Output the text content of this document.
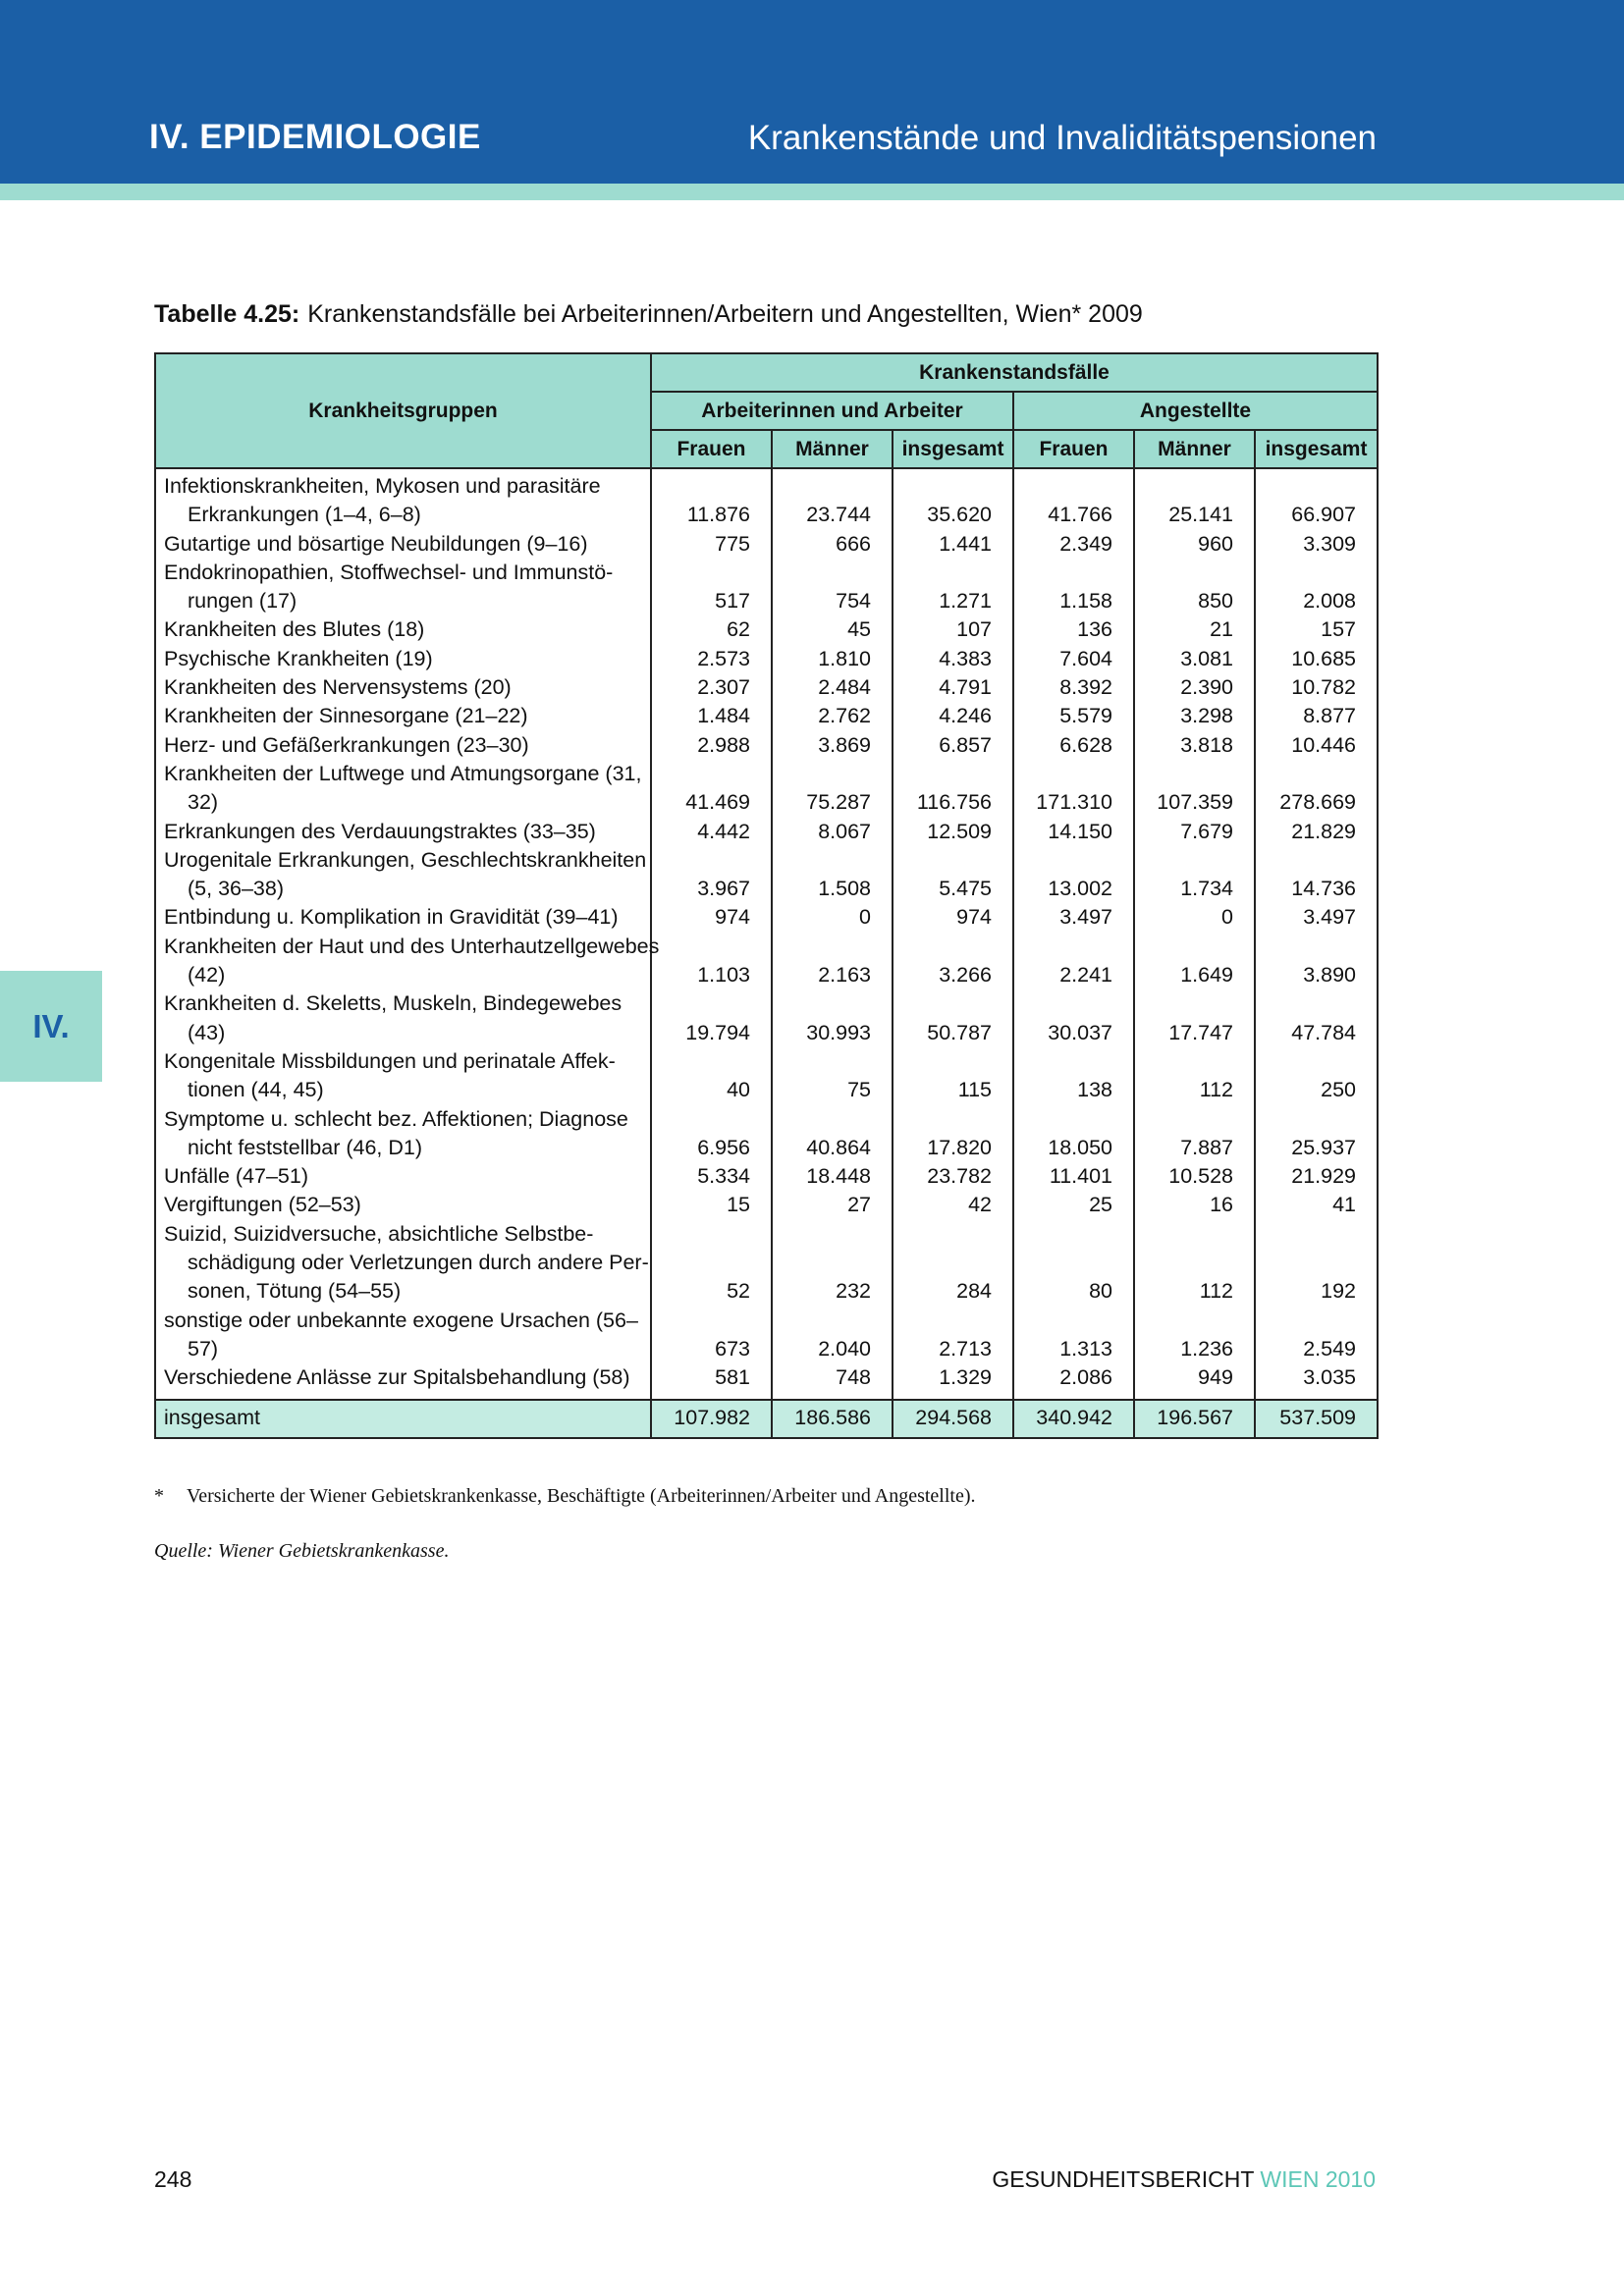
IV. EPIDEMIOLOGIE	Krankenstände und Invaliditätspensionen
IV.
Tabelle 4.25: Krankenstandsfälle bei Arbeiterinnen/Arbeitern und Angestellten, Wien* 2009
Krankheitsgruppen	Krankenstandsfälle					
	Arbeiterinnen und Arbeiter			Angestellte		
	Frauen	Männer	insgesamt	Frauen	Männer	insgesamt

Infektionskrankheiten, Mykosen und parasitäre
Erkrankungen (1–4, 6–8)	11.876	23.744	35.620	41.766	25.141	66.907

Gutartige und bösartige Neubildungen (9–16)	775	666	1.441	2.349	960	3.309

Endokrinopathien, Stoffwechsel- und Immunstö-
rungen (17)	517	754	1.271	1.158	850	2.008

Krankheiten des Blutes (18)	62	45	107	136	21	157

Psychische Krankheiten (19)	2.573	1.810	4.383	7.604	3.081	10.685

Krankheiten des Nervensystems (20)	2.307	2.484	4.791	8.392	2.390	10.782

Krankheiten der Sinnesorgane (21–22)	1.484	2.762	4.246	5.579	3.298	8.877

Herz- und Gefäßerkrankungen (23–30)	2.988	3.869	6.857	6.628	3.818	10.446

Krankheiten der Luftwege und Atmungsorgane (31,
32)	41.469	75.287	116.756	171.310	107.359	278.669

Erkrankungen des Verdauungstraktes (33–35)	4.442	8.067	12.509	14.150	7.679	21.829

Urogenitale Erkrankungen, Geschlechtskrankheiten
(5, 36–38)	3.967	1.508	5.475	13.002	1.734	14.736

Entbindung u. Komplikation in Gravidität (39–41)	974	0	974	3.497	0	3.497

Krankheiten der Haut und des Unterhautzellgewebes
(42)	1.103	2.163	3.266	2.241	1.649	3.890

Krankheiten d. Skeletts, Muskeln, Bindegewebes
(43)	19.794	30.993	50.787	30.037	17.747	47.784

Kongenitale Missbildungen und perinatale Affek-
tionen (44, 45)	40	75	115	138	112	250

Symptome u. schlecht bez. Affektionen; Diagnose
nicht feststellbar (46, D1)	6.956	40.864	17.820	18.050	7.887	25.937

Unfälle (47–51)	5.334	18.448	23.782	11.401	10.528	21.929

Vergiftungen (52–53)	15	27	42	25	16	41

Suizid, Suizidversuche, absichtliche Selbstbe-
schädigung oder Verletzungen durch andere Per-
sonen, Tötung (54–55)	52	232	284	80	112	192

sonstige oder unbekannte exogene Ursachen (56–
57)	673	2.040	2.713	1.313	1.236	2.549

Verschiedene Anlässe zur Spitalsbehandlung (58)	581	748	1.329	2.086	949	3.035
insgesamt	107.982	186.586	294.568	340.942	196.567	537.509
* Versicherte der Wiener Gebietskrankenkasse, Beschäftigte (Arbeiterinnen/Arbeiter und Angestellte).
Quelle: Wiener Gebietskrankenkasse.
248	GESUNDHEITSBERICHT WIEN 2010
